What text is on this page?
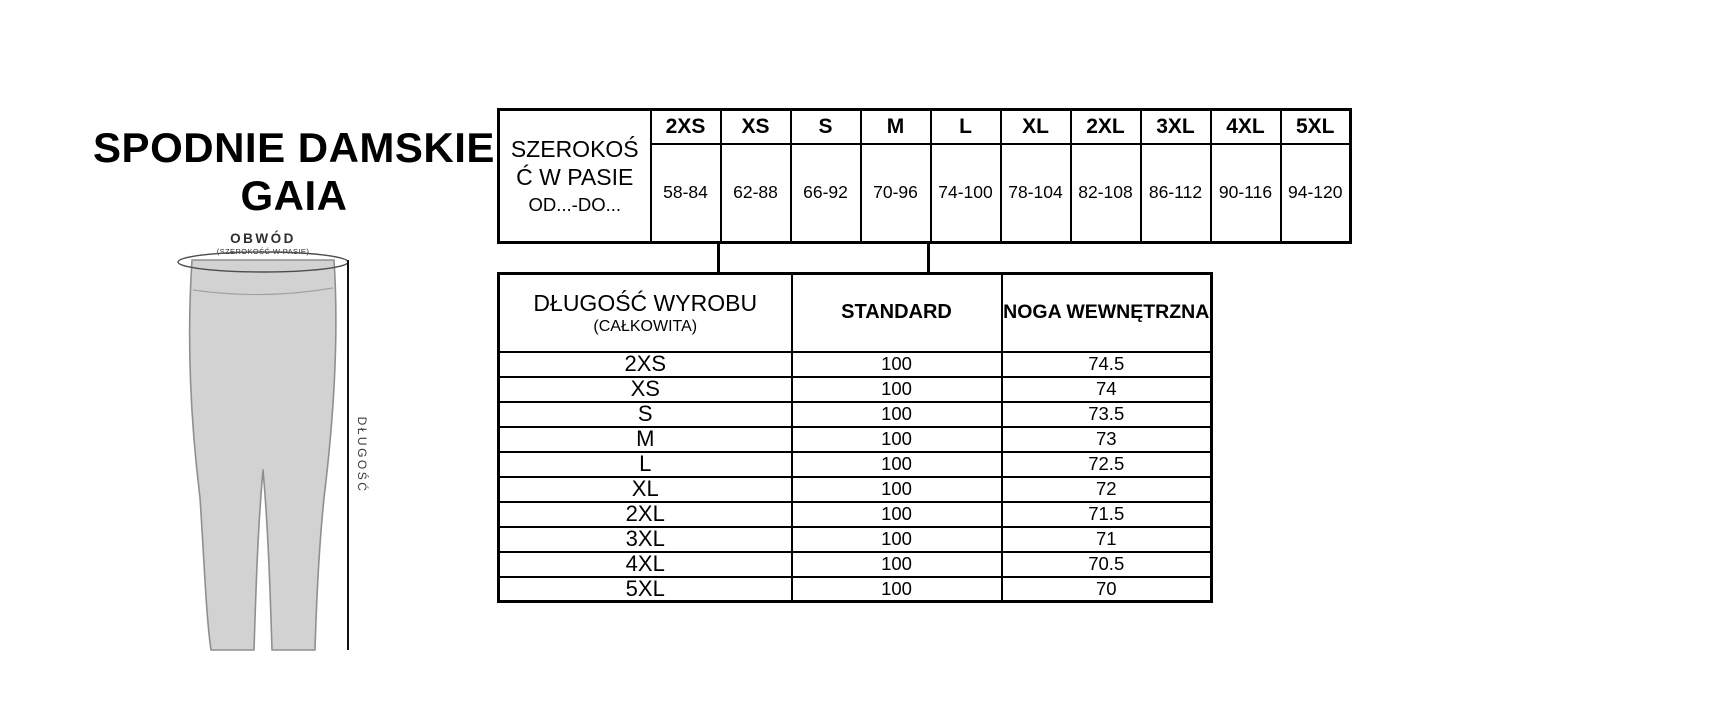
SPODNIE DAMSKIE
GAIA
OBWÓD
(SZEROKOŚĆ W PASIE)
DŁUGOŚĆ
SZEROKOŚĆ W PASIE
OD...-DO...	2XS	XS	S	M	L	XL	2XL	3XL	4XL	5XL
	58-84	62-88	66-92	70-96	74-100	78-104	82-108	86-112	90-116	94-120
DŁUGOŚĆ WYROBU
(CAŁKOWITA)	STANDARD	NOGA WEWNĘTRZNA

2XS	100	74.5
XS	100	74
S	100	73.5
M	100	73
L	100	72.5
XL	100	72
2XL	100	71.5
3XL	100	71
4XL	100	70.5
5XL	100	70
